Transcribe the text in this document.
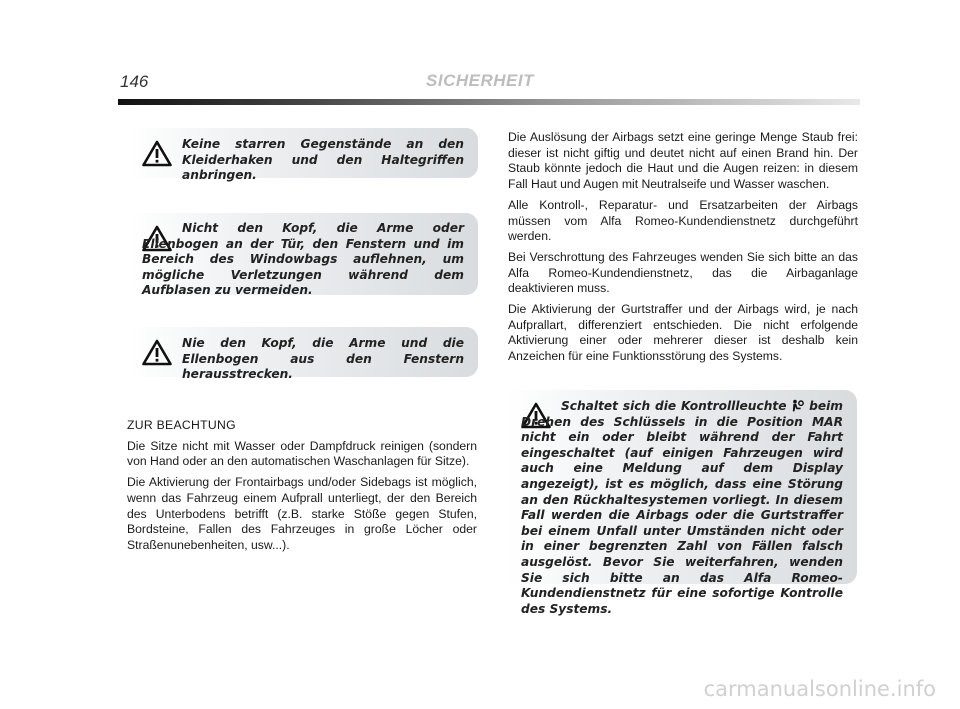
146	SICHERHEIT

Keine starren Gegenstände an den Kleiderhaken und den Haltegriffen anbringen.

Nicht den Kopf, die Arme oder Ellenbogen an der Tür, den Fenstern und im Bereich des Windowbags auflehnen, um mögliche Verletzungen während dem Aufblasen zu vermeiden.

Nie den Kopf, die Arme und die Ellenbogen aus den Fenstern herausstrecken.

ZUR BEACHTUNG

Die Sitze nicht mit Wasser oder Dampfdruck reinigen (sondern von Hand oder an den automatischen Waschanlagen für Sitze).

Die Aktivierung der Frontairbags und/oder Sidebags ist möglich, wenn das Fahrzeug einem Aufprall unterliegt, der den Bereich des Unterbodens betrifft (z.B. starke Stöße gegen Stufen, Bordsteine, Fallen des Fahrzeuges in große Löcher oder Straßenunebenheiten, usw...).

Die Auslösung der Airbags setzt eine geringe Menge Staub frei: dieser ist nicht giftig und deutet nicht auf einen Brand hin. Der Staub könnte jedoch die Haut und die Augen reizen: in diesem Fall Haut und Augen mit Neutralseife und Wasser waschen.

Alle Kontroll-, Reparatur- und Ersatzarbeiten der Airbags müssen vom Alfa Romeo-Kundendienstnetz durchgeführt werden.

Bei Verschrottung des Fahrzeuges wenden Sie sich bitte an das Alfa Romeo-Kundendienstnetz, das die Airbaganlage deaktivieren muss.

Die Aktivierung der Gurtstraffer und der Airbags wird, je nach Aufprallart, differenziert entschieden. Die nicht erfolgende Aktivierung einer oder mehrerer dieser ist deshalb kein Anzeichen für eine Funktionsstörung des Systems.

Schaltet sich die Kontrollleuchte beim Drehen des Schlüssels in die Position MAR nicht ein oder bleibt während der Fahrt eingeschaltet (auf einigen Fahrzeugen wird auch eine Meldung auf dem Display angezeigt), ist es möglich, dass eine Störung an den Rückhaltesystemen vorliegt. In diesem Fall werden die Airbags oder die Gurtstraffer bei einem Unfall unter Umständen nicht oder in einer begrenzten Zahl von Fällen falsch ausgelöst. Bevor Sie weiterfahren, wenden Sie sich bitte an das Alfa Romeo-Kundendienstnetz für eine sofortige Kontrolle des Systems.

carmanualsonline.info
